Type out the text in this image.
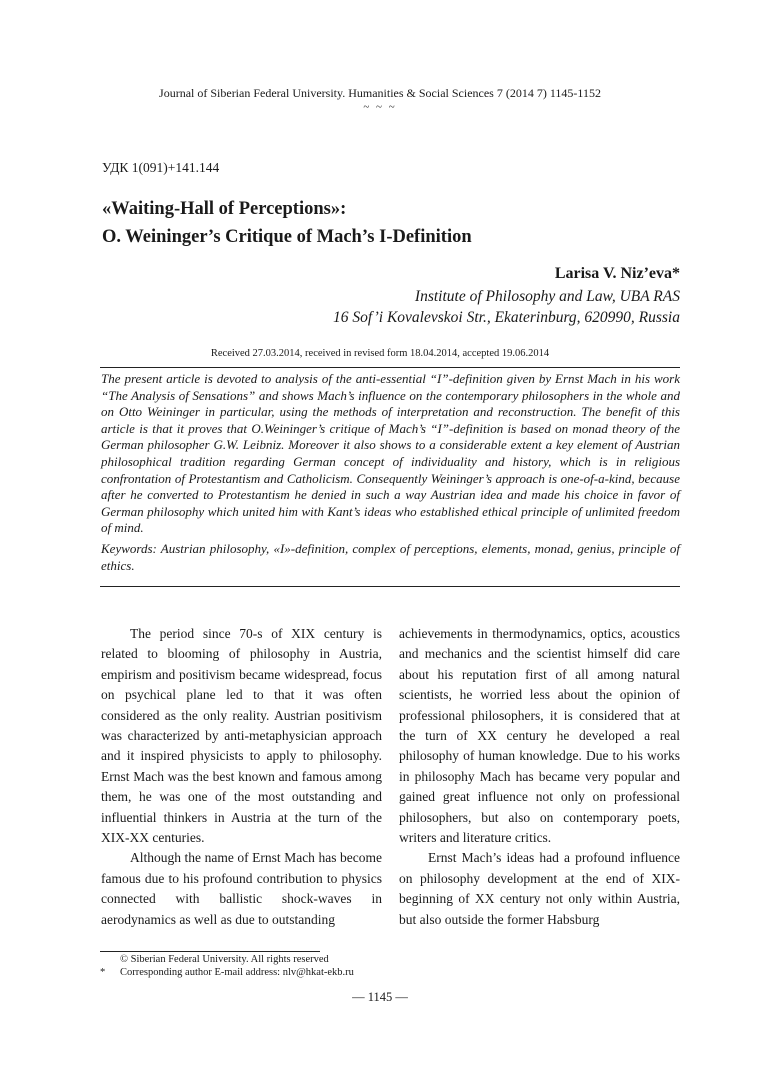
Journal of Siberian Federal University. Humanities & Social Sciences 7 (2014 7) 1145-1152
~ ~ ~
УДК 1(091)+141.144
«Waiting-Hall of Perceptions»:
O. Weininger’s Critique of Mach’s I-Definition
Larisa V. Niz’eva*
Institute of Philosophy and Law, UBA RAS
16 Sof’i Kovalevskoi Str., Ekaterinburg, 620990, Russia
Received 27.03.2014, received in revised form 18.04.2014, accepted 19.06.2014

The present article is devoted to analysis of the anti-essential “I”-definition given by Ernst Mach in his work “The Analysis of Sensations” and shows Mach’s influence on the contemporary philosophers in the whole and on Otto Weininger in particular, using the methods of interpretation and reconstruction. The benefit of this article is that it proves that O.Weininger’s critique of Mach’s “I”-definition is based on monad theory of the German philosopher G.W. Leibniz. Moreover it also shows to a considerable extent a key element of Austrian philosophical tradition regarding German concept of individuality and history, which is in religious confrontation of Protestantism and Catholicism. Consequently Weininger’s approach is one-of-a-kind, because after he converted to Protestantism he denied in such a way Austrian idea and made his choice in favor of German philosophy which united him with Kant’s ideas who established ethical principle of unlimited freedom of mind.

Keywords: Austrian philosophy, «I»-definition, complex of perceptions, elements, monad, genius, principle of ethics.

The period since 70-s of XIX century is related to blooming of philosophy in Austria, empirism and positivism became widespread, focus on psychical plane led to that it was often considered as the only reality. Austrian positivism was characterized by anti-metaphysician approach and it inspired physicists to apply to philosophy. Ernst Mach was the best known and famous among them, he was one of the most outstanding and influential thinkers in Austria at the turn of the XIX-XX centuries.

Although the name of Ernst Mach has become famous due to his profound contribution to physics connected with ballistic shock-waves in aerodynamics as well as due to outstanding

achievements in thermodynamics, optics, acoustics and mechanics and the scientist himself did care about his reputation first of all among natural scientists, he worried less about the opinion of professional philosophers, it is considered that at the turn of XX century he developed a real philosophy of human knowledge. Due to his works in philosophy Mach has became very popular and gained great influence not only on professional philosophers, but also on contemporary poets, writers and literature critics.

Ernst Mach’s ideas had a profound influence on philosophy development at the end of XIX-beginning of XX century not only within Austria, but also outside the former Habsburg

© Siberian Federal University. All rights reserved
* Corresponding author E-mail address: nlv@hkat-ekb.ru
— 1145 —
